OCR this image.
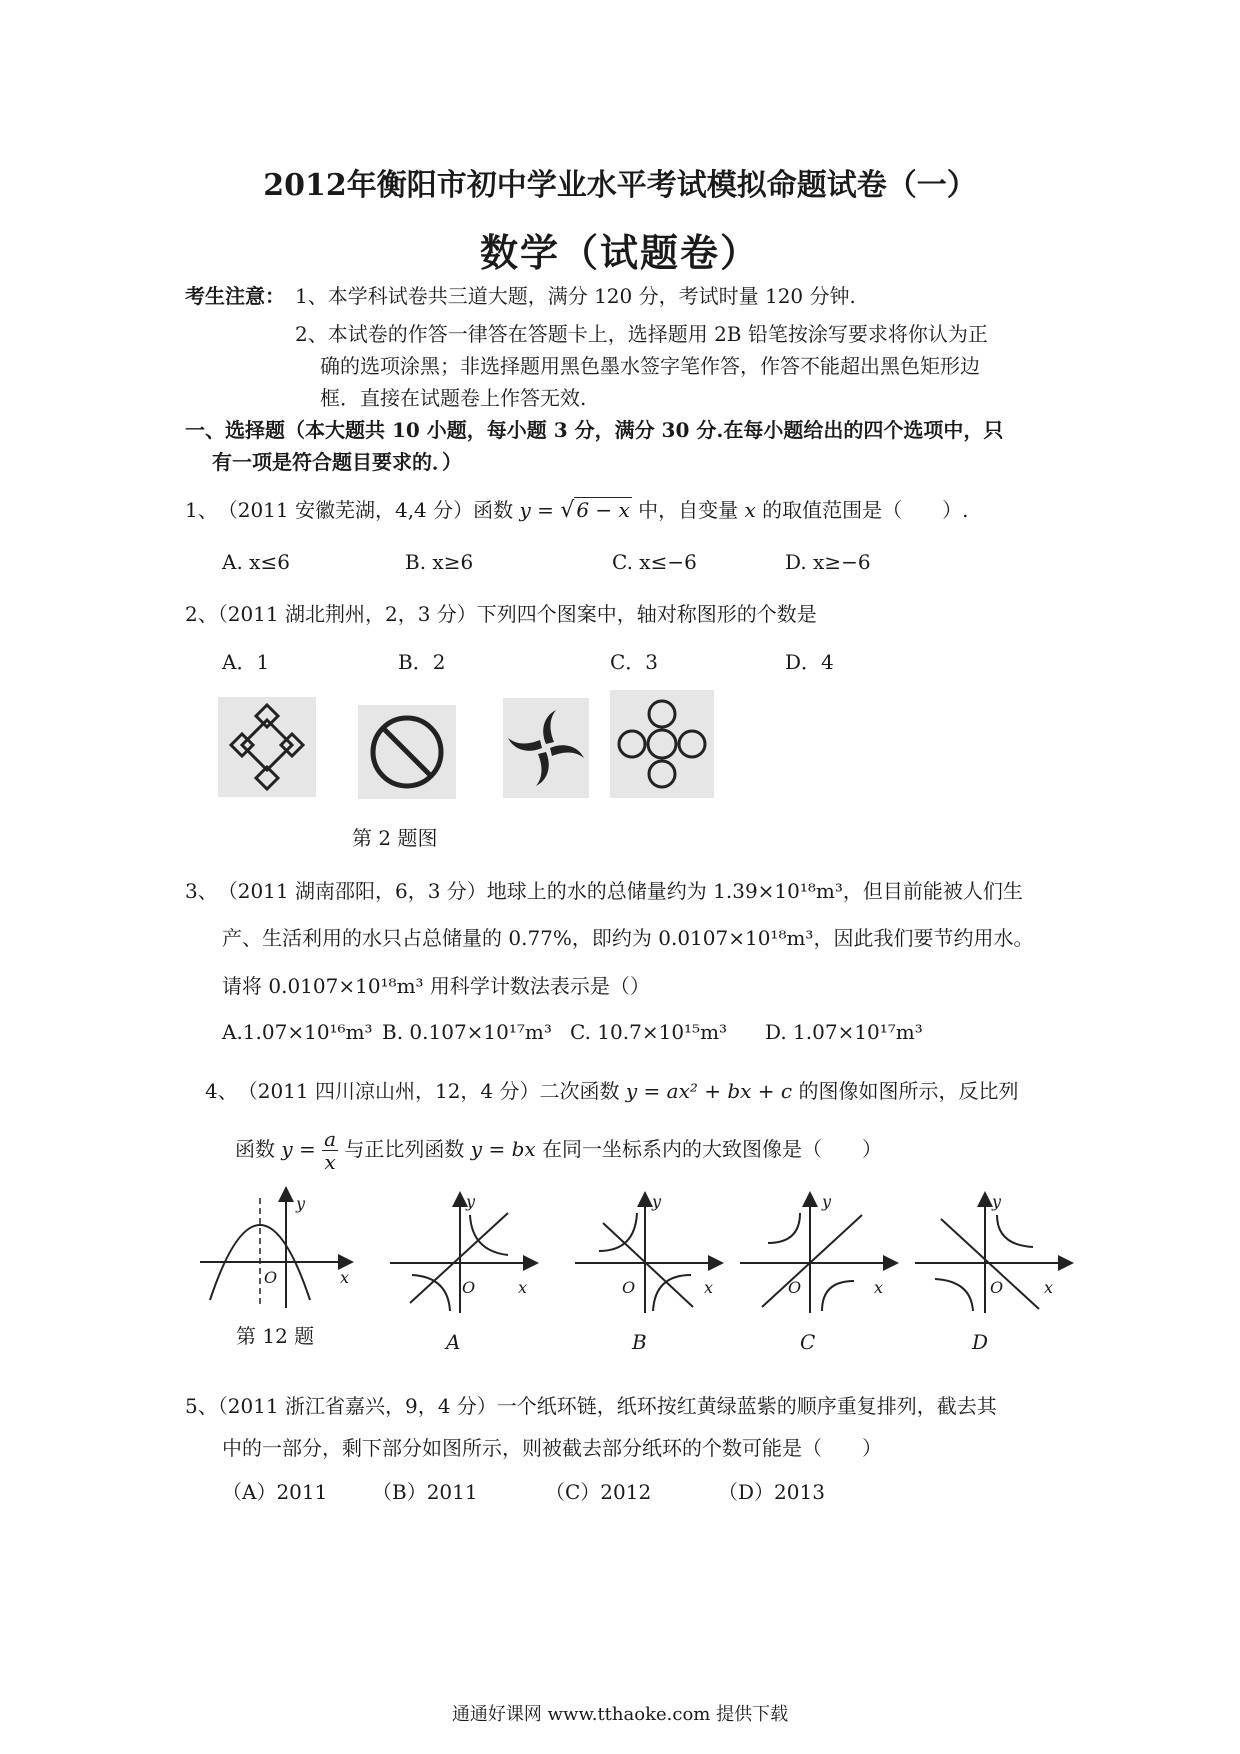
2012年衡阳市初中学业水平考试模拟命题试卷（一）
数学（试题卷）
考生注意： 1、本学科试卷共三道大题，满分 120 分，考试时量 120 分钟.
2、本试卷的作答一律答在答题卡上，选择题用 2B 铅笔按涂写要求将你认为正
确的选项涂黑；非选择题用黑色墨水签字笔作答，作答不能超出黑色矩形边
框．直接在试题卷上作答无效.
一、选择题（本大题共 10 小题，每小题 3 分，满分 30 分.在每小题给出的四个选项中，只
有一项是符合题目要求的．）
1、　（2011 安徽芜湖，4,4 分）函数 y = √ 6 − x 中，自变量 x 的取值范围是（　　）.
A. x≤6	B. x≥6	C. x≤−6	D. x≥−6
2、（2011 湖北荆州，2，3 分）下列四个图案中，轴对称图形的个数是
A．1	B．2	C．3	D．4
第 2 题图
3、　（2011 湖南邵阳，6，3 分）地球上的水的总储量约为 1.39×10¹⁸m³，但目前能被人们生
产、生活利用的水只占总储量的 0.77%，即约为 0.0107×10¹⁸m³，因此我们要节约用水。
请将 0.0107×10¹⁸m³ 用科学计数法表示是（）
A.1.07×10¹⁶m³ B. 0.107×10¹⁷m³ C. 10.7×10¹⁵m³ D. 1.07×10¹⁷m³
4、　（2011 四川凉山州，12，4 分）二次函数 y = ax² + bx + c 的图像如图所示，反比列
函数 $y = \frac{a}{x}$ 与正比列函数 y = bx 在同一坐标系内的大致图像是（　　）
y
x
O
第 12 题
y
x
O
A
y
x
O
B
y
x
O
C
y
x
O
D
5、（2011 浙江省嘉兴，9，4 分）一个纸环链，纸环按红黄绿蓝紫的顺序重复排列，截去其
中的一部分，剩下部分如图所示，则被截去部分纸环的个数可能是（　　）
（A）2011 （B）2011	（C）2012	（D）2013
通通好课网 www.tthaoke.com 提供下载
